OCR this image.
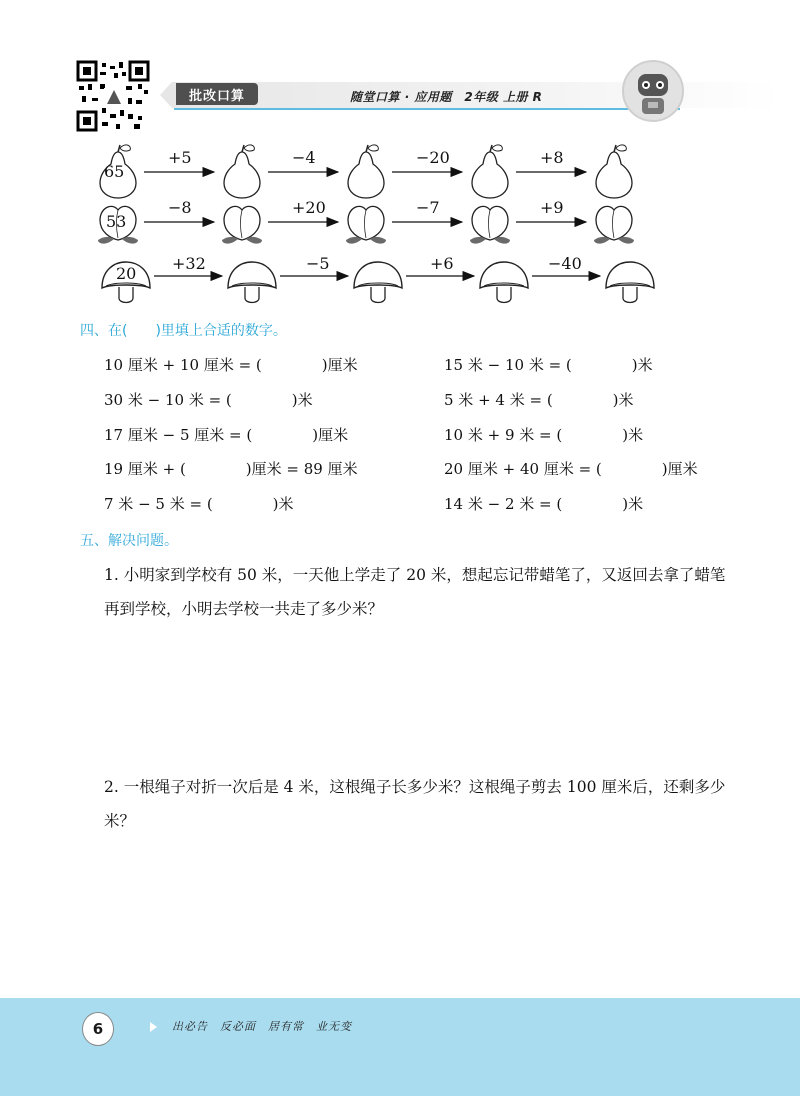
批改口算	随堂口算 · 应用题　2年级 上册 R
65
+5	−4	−20	+8
53
−8	+20	−7	+9
20
+32	−5	+6	−40
四、在(　　)里填上合适的数字。
10 厘米 + 10 厘米 = (　　　　)厘米
30 米 − 10 米 = (　　　　)米
17 厘米 − 5 厘米 = (　　　　)厘米
19 厘米 + (　　　　)厘米 = 89 厘米
7 米 − 5 米 = (　　　　)米
15 米 − 10 米 = (　　　　)米
5 米 + 4 米 = (　　　　)米
10 米 + 9 米 = (　　　　)米
20 厘米 + 40 厘米 = (　　　　)厘米
14 米 − 2 米 = (　　　　)米
五、解决问题。
1. 小明家到学校有 50 米，一天他上学走了 20 米，想起忘记带蜡笔了，又返回去拿了蜡笔再到学校，小明去学校一共走了多少米？
2. 一根绳子对折一次后是 4 米，这根绳子长多少米？这根绳子剪去 100 厘米后，还剩多少米？
6	出必告　反必面　居有常　业无变
